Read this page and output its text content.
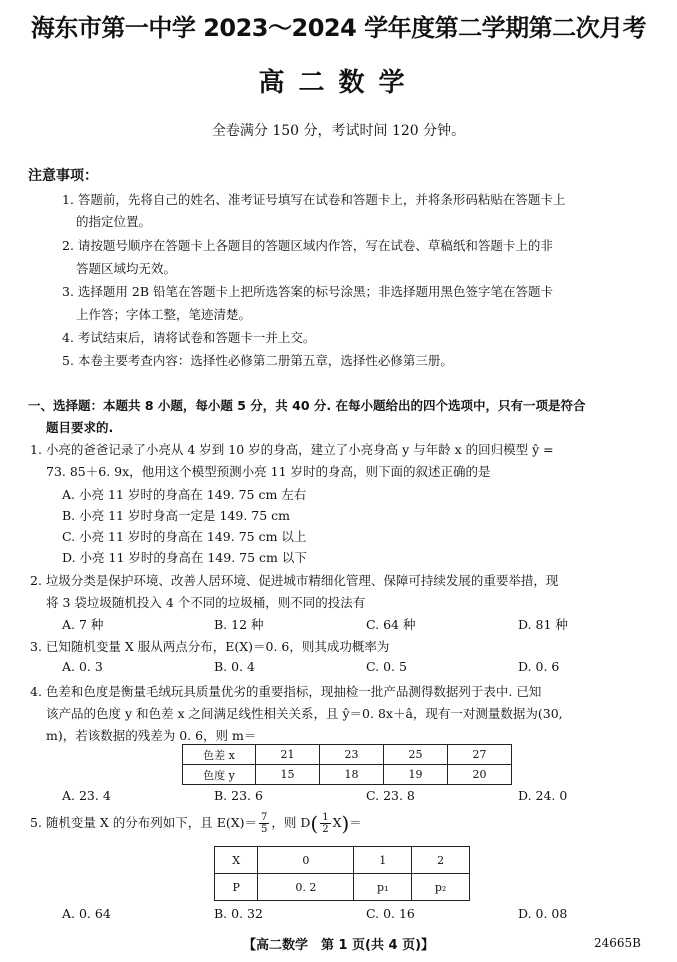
海东市第一中学 2023～2024 学年度第二学期第二次月考
高二数学
全卷满分 150 分，考试时间 120 分钟。
注意事项：
1. 答题前，先将自己的姓名、准考证号填写在试卷和答题卡上，并将条形码粘贴在答题卡上
的指定位置。
2. 请按题号顺序在答题卡上各题目的答题区域内作答，写在试卷、草稿纸和答题卡上的非
答题区域均无效。
3. 选择题用 2B 铅笔在答题卡上把所选答案的标号涂黑；非选择题用黑色签字笔在答题卡
上作答；字体工整，笔迹清楚。
4. 考试结束后，请将试卷和答题卡一并上交。
5. 本卷主要考查内容：选择性必修第二册第五章，选择性必修第三册。
一、选择题：本题共 8 小题，每小题 5 分，共 40 分. 在每小题给出的四个选项中，只有一项是符合
题目要求的.
1. 小亮的爸爸记录了小亮从 4 岁到 10 岁的身高，建立了小亮身高 y 与年龄 x 的回归模型 ŷ =
73. 85＋6. 9x，他用这个模型预测小亮 11 岁时的身高，则下面的叙述正确的是
A. 小亮 11 岁时的身高在 149. 75 cm 左右
B. 小亮 11 岁时身高一定是 149. 75 cm
C. 小亮 11 岁时的身高在 149. 75 cm 以上
D. 小亮 11 岁时的身高在 149. 75 cm 以下
2. 垃圾分类是保护环境、改善人居环境、促进城市精细化管理、保障可持续发展的重要举措，现
将 3 袋垃圾随机投入 4 个不同的垃圾桶，则不同的投法有
A. 7 种	B. 12 种	C. 64 种	D. 81 种
3. 已知随机变量 X 服从两点分布，E(X)＝0. 6，则其成功概率为
A. 0. 3	B. 0. 4	C. 0. 5	D. 0. 6
4. 色差和色度是衡量毛绒玩具质量优劣的重要指标，现抽检一批产品测得数据列于表中. 已知
该产品的色度 y 和色差 x 之间满足线性相关关系，且 ŷ＝0. 8x＋â，现有一对测量数据为(30,
m)，若该数据的残差为 0. 6，则 m＝
色差 x	21	23	25	27
色度 y	15	18	19	20
A. 23. 4	B. 23. 6	C. 23. 8	D. 24. 0
5. 随机变量 X 的分布列如下，且 $E(X)= \frac{7}{5}$ ，则 $D( \frac{1}{2} X)=$
X	0	1	2
P	0. 2	p₁	p₂
A. 0. 64	B. 0. 32	C. 0. 16	D. 0. 08
【高二数学　第 1 页(共 4 页)】	24665B
